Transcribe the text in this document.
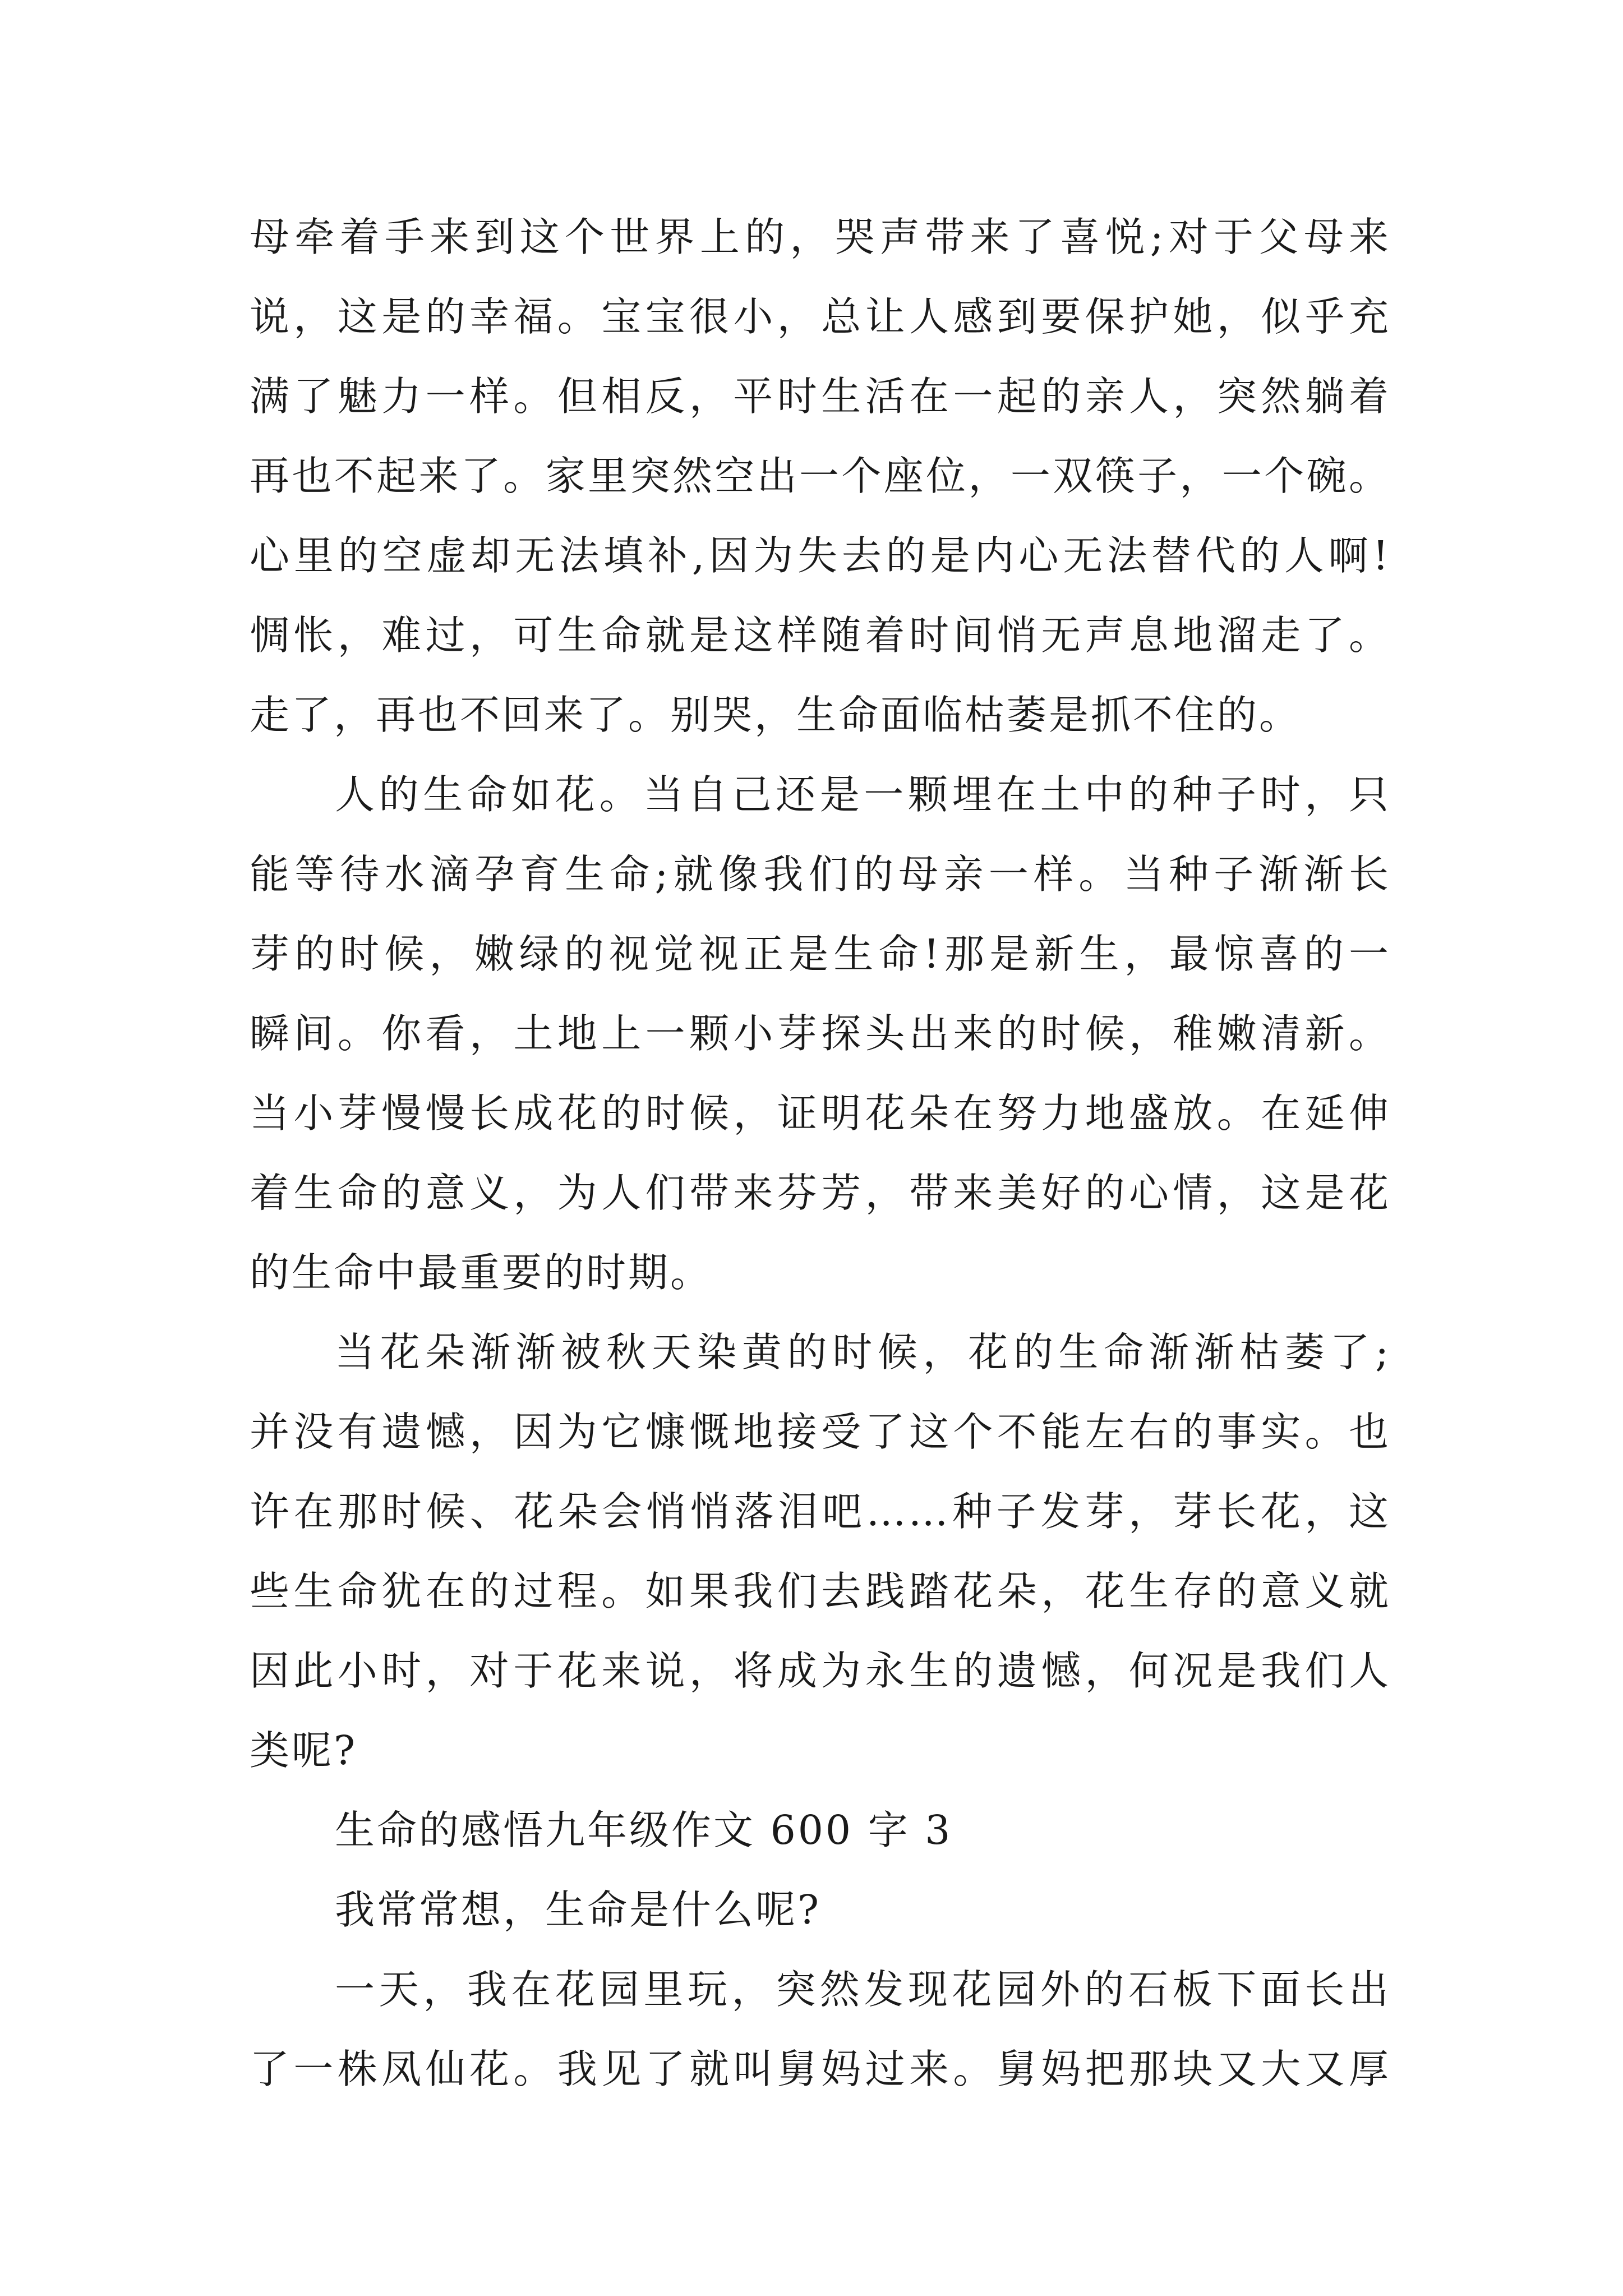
母牵着手来到这个世界上的，哭声带来了喜悦;对于父母来
说，这是的幸福。宝宝很小，总让人感到要保护她，似乎充
满了魅力一样。但相反，平时生活在一起的亲人，突然躺着
再也不起来了。家里突然空出一个座位，一双筷子，一个碗。
心里的空虚却无法填补,因为失去的是内心无法替代的人啊!
惆怅，难过，可生命就是这样随着时间悄无声息地溜走了。
走了，再也不回来了。别哭，生命面临枯萎是抓不住的。
人的生命如花。当自己还是一颗埋在土中的种子时，只
能等待水滴孕育生命;就像我们的母亲一样。当种子渐渐长
芽的时候，嫩绿的视觉视正是生命!那是新生，最惊喜的一
瞬间。你看，土地上一颗小芽探头出来的时候，稚嫩清新。
当小芽慢慢长成花的时候，证明花朵在努力地盛放。在延伸
着生命的意义，为人们带来芬芳，带来美好的心情，这是花
的生命中最重要的时期。
当花朵渐渐被秋天染黄的时候，花的生命渐渐枯萎了;
并没有遗憾，因为它慷慨地接受了这个不能左右的事实。也
许在那时候、花朵会悄悄落泪吧……种子发芽，芽长花，这
些生命犹在的过程。如果我们去践踏花朵，花生存的意义就
因此小时，对于花来说，将成为永生的遗憾，何况是我们人
类呢?
生命的感悟九年级作文 600 字 3
我常常想，生命是什么呢?
一天，我在花园里玩，突然发现花园外的石板下面长出
了一株凤仙花。我见了就叫舅妈过来。舅妈把那块又大又厚
